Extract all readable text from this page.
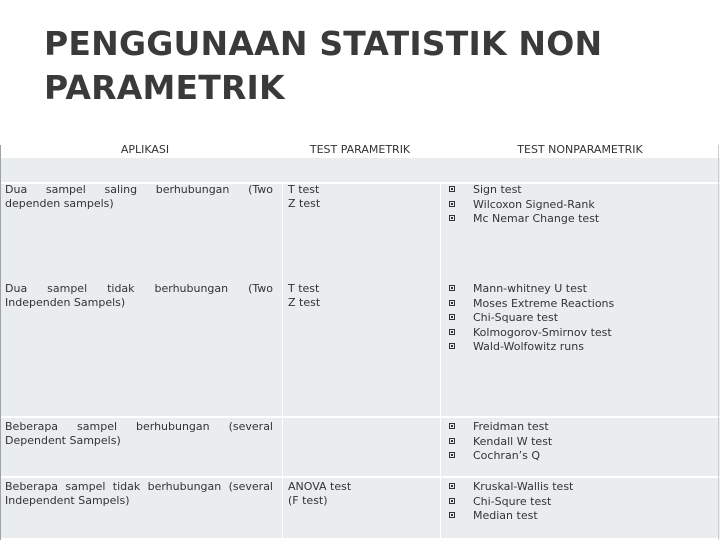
PENGGUNAAN STATISTIK NON
PARAMETRIK
APLIKASI	TEST PARAMETRIK	TEST NONPARAMETRIK
Dua sampel saling berhubungan (Two
dependen sampels)
T test
Z test
Sign test
Wilcoxon Signed-Rank
Mc Nemar Change test
Dua sampel tidak berhubungan (Two
Independen Sampels)
T test
Z test
Mann-whitney U test
Moses Extreme Reactions
Chi-Square test
Kolmogorov-Smirnov test
Wald-Wolfowitz runs
Beberapa sampel berhubungan (several
Dependent Sampels)
Freidman test
Kendall W test
Cochran’s Q
Beberapa sampel tidak berhubungan (several
Independent Sampels)
ANOVA test
(F test)
Kruskal-Wallis test
Chi-Squre test
Median test
